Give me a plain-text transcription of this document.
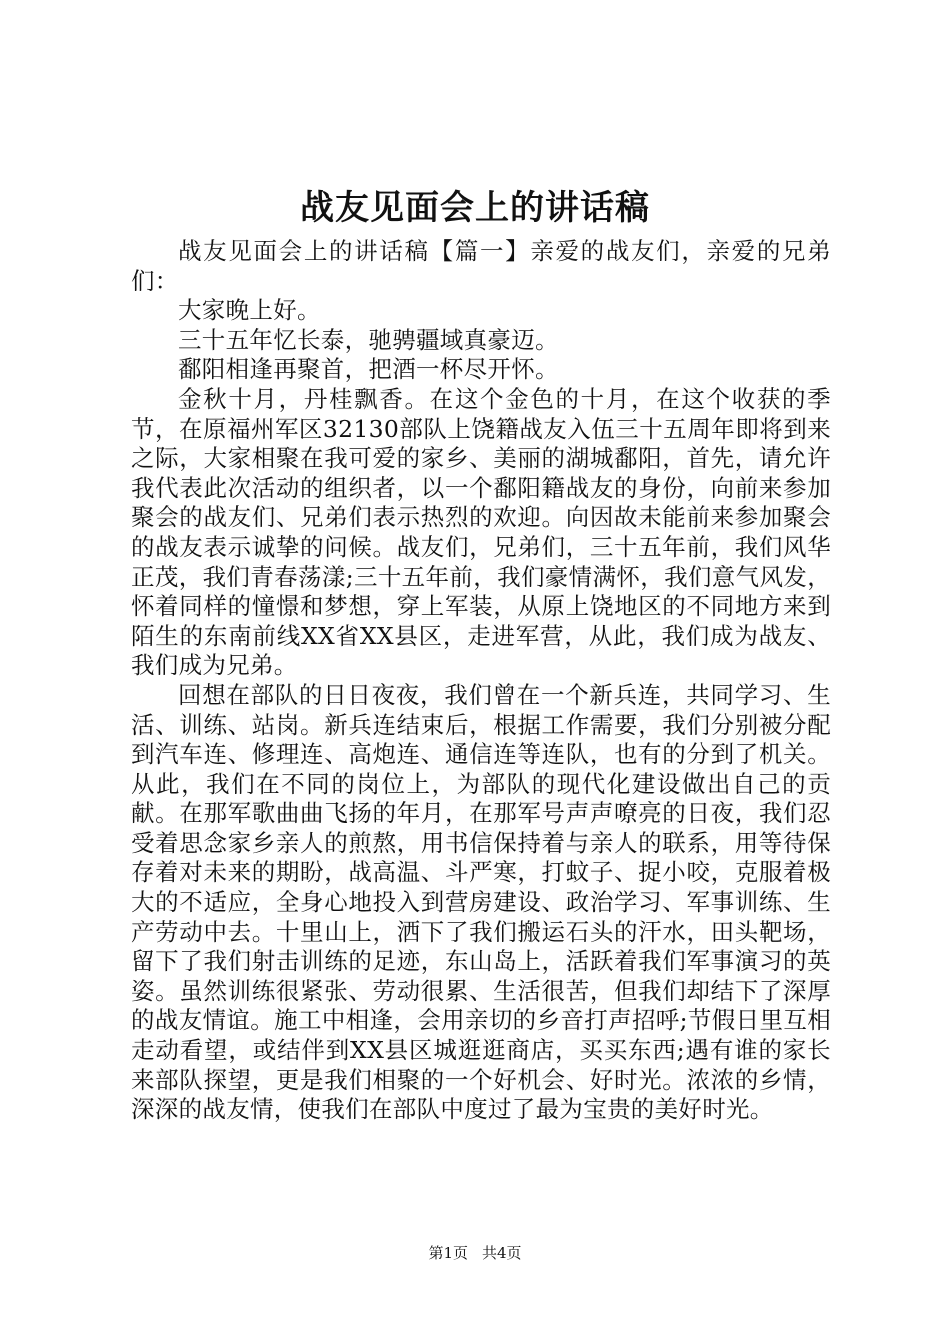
战友见面会上的讲话稿

战友见面会上的讲话稿【篇一】亲爱的战友们，亲爱的兄弟们：

大家晚上好。

三十五年忆长泰，驰骋疆域真豪迈。

鄱阳相逢再聚首，把酒一杯尽开怀。

金秋十月，丹桂飘香。在这个金色的十月，在这个收获的季节，在原福州军区32130部队上饶籍战友入伍三十五周年即将到来之际，大家相聚在我可爱的家乡、美丽的湖城鄱阳，首先，请允许我代表此次活动的组织者，以一个鄱阳籍战友的身份，向前来参加聚会的战友们、兄弟们表示热烈的欢迎。向因故未能前来参加聚会的战友表示诚挚的问候。战友们，兄弟们，三十五年前，我们风华正茂，我们青春荡漾;三十五年前，我们豪情满怀，我们意气风发，怀着同样的憧憬和梦想，穿上军装，从原上饶地区的不同地方来到陌生的东南前线XX省XX县区，走进军营，从此，我们成为战友、我们成为兄弟。

回想在部队的日日夜夜，我们曾在一个新兵连，共同学习、生活、训练、站岗。新兵连结束后，根据工作需要，我们分别被分配到汽车连、修理连、高炮连、通信连等连队，也有的分到了机关。从此，我们在不同的岗位上，为部队的现代化建设做出自己的贡献。在那军歌曲曲飞扬的年月，在那军号声声嘹亮的日夜，我们忍受着思念家乡亲人的煎熬，用书信保持着与亲人的联系，用等待保存着对未来的期盼，战高温、斗严寒，打蚊子、捉小咬，克服着极大的不适应，全身心地投入到营房建设、政治学习、军事训练、生产劳动中去。十里山上，洒下了我们搬运石头的汗水，田头靶场，留下了我们射击训练的足迹，东山岛上，活跃着我们军事演习的英姿。虽然训练很紧张、劳动很累、生活很苦，但我们却结下了深厚的战友情谊。施工中相逢，会用亲切的乡音打声招呼;节假日里互相走动看望，或结伴到XX县区城逛逛商店，买买东西;遇有谁的家长来部队探望，更是我们相聚的一个好机会、好时光。浓浓的乡情，深深的战友情，使我们在部队中度过了最为宝贵的美好时光。

第1页 共4页
